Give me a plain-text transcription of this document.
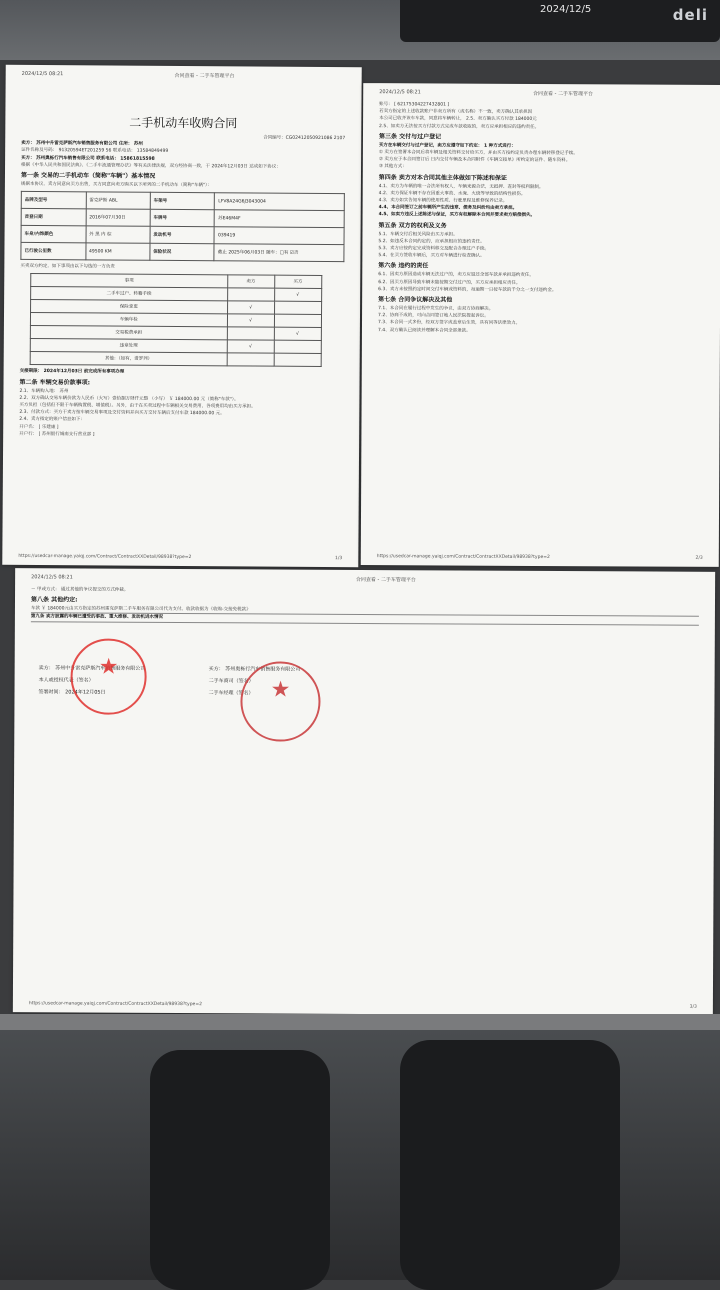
2024/12/5	deli
2024/12/5 08:21	合同查看 - 二手车管理平台
二手机动车收购合同
合同编号：CG02412050921086 2107
卖方： 苏州中升雷克萨斯汽车销售服务有限公司 住所： 苏州
证件名称及号码： 91320594ET201259 56 联系电话： 13584849499
买方： 苏州奥栎行汽车销售有限公司 联系电话： 15861815598
根据《中华人民共和国民法典》、《二手车流通管理办法》等有关法律法规，双方经协商一致，于 2024年12月03日 达成如下协议：
第一条 交易的二手机动车（简称"车辆"）基本情况
规据本协议，卖方同意向买方出售，买方同意向卖方购买以下所列的二手机动车（简称"车辆"）：
品牌及型号	雷克萨斯 ABL	车架号	LFV8A24G6J3043004
首登日期	2016年07月30日	车牌号	苏E46M4F
车身/内饰颜色	外 黑 内 棕	发动机号	039419
已行驶公里数	49500 KM	保险状况	截止 2025年06月03日 随车：□有 ☑否
买卖双方约定，如下事项由以下勾选的一方负责
事项	卖方	买方
二手车过户、转籍手续		√
保险变更	√	
车辆年检	√	
交易税费承担		√
违章处理	√	
其他：（如有，请罗列）		
交接期限： 2024年12月03日 前完成所有事项办理
第二条 车辆交易价款事项:
2.1、车辆购入地： 苏州
2.2、双方确认交易车辆价款为人民币（大写）壹拾捌万肆仟元整 （小写） ￥ 184000.00 元（简称"车款"）。
买方负担（包括但不限于车辆购置税、增值税）。另外，由于在买卖过程中车辆相关交易费用，各项费用均由买方承担。
2.3、付款方式：买方于卖方按车辆交易事项及交付资料并向买方交付车辆后支付车款 184000.00 元。
2.4、卖方指定的账户信息如下：
开户名： [ 乐建康 ]
开户行： [ 苏州银行城南支行营业部 ]
https://usedcar-manage.yaiqj.com/Contract/ContractXXDetail/98938?type=2	1/3
2024/12/5 08:21	合同查看 - 二手车管理平台
账号： [ 62175304227432801 ]
若卖方指定的上述收款账户非卖方所有（或名称）不一致，卖方确认其承担因
本公司已收齐该车车款，同意将车辆转让， 2.5、卖方确认买方付款 184000元
2.5、如卖方无法按买方付款方式完成车款收取的，卖方应承担相应的违约责任。
第三条 交付与过户登记
买方在车辆交付与过户登记，卖方应遵守如下约定： 1 种方式进行：
① 卖方在签署本合同后将车辆及相关资料交付给买方，并由买方按约定负责办理车辆转移登记手续。
② 卖方应于本合同签订后 日内交付车辆及本合同附件《车辆交接单》所约定的证件、随车资料。
③ 其他方式：
第四条 卖方对本合同其他主体做如下陈述和保证
4.1、卖方为车辆的唯一合法所有权人，车辆来源合法，无抵押、查封等权利限制。
4.2、卖方保证车辆不存在因重大事故、水淹、火烧等导致的结构性损伤。
4.3、卖方如实告知车辆的使用性质、行驶里程及维修保养记录。
4.4、本合同签订之前车辆所产生的违章、债务及纠纷均由卖方承担。
4.5、如卖方违反上述陈述与保证，买方有权解除本合同并要求卖方赔偿损失。
第五条 双方的权利及义务
5.1、车辆交付后相关风险由买方承担。
5.2、如违反本合同约定的，应承担相应的违约责任。
5.3、卖方应按约定完成资料移交及配合办理过户手续。
5.4、在买方签收车辆后，买方对车辆进行检查确认。
第六条 违约的责任
6.1、因卖方原因造成车辆无法过户的，卖方应退还全部车款并承担违约责任。
6.2、因买方原因导致车辆未能按期交付过户的，买方应承担相应责任。
6.3、卖方未按照约定时间交付车辆或资料的，每逾期一日按车款的千分之一支付违约金。
第七条 合同争议解决及其他
7.1、本合同在履行过程中发生的争议，由双方协商解决。
7.2、协商不成的，可向合同签订地人民法院提起诉讼。
7.3、本合同一式多份，经双方签字或盖章后生效，具有同等法律效力。
7.4、双方确认已阅读并理解本合同全部条款。
https://usedcar-manage.yaiqj.com/Contract/ContractXXDetail/98938?type=2	2/3
2024/12/5 08:21	合同查看 - 二手车管理平台
－ 甲或方式： 通过其他的争议提交的方式仲裁。
第八条 其他约定:
车款 ￥ 184000元由买方指定的苏州雷克萨斯二手车服务有限公司代为支付。收款收据为《收购-交接免税款》
第九条 卖方披露的车辆已遭受的事故、重大维修、发动机进水情况
卖方： 苏州中升雷克萨斯汽车销售服务有限公司
本人或授权代表（签名）
签署时间： 2024年12月05日
买方： 苏州奥栎行汽车销售服务有限公司
二手车商司（签名）
二手车经理（签名）
★
★
https://usedcar-manage.yaiqj.com/Contract/ContractXXDetail/98938?type=2
3/3
